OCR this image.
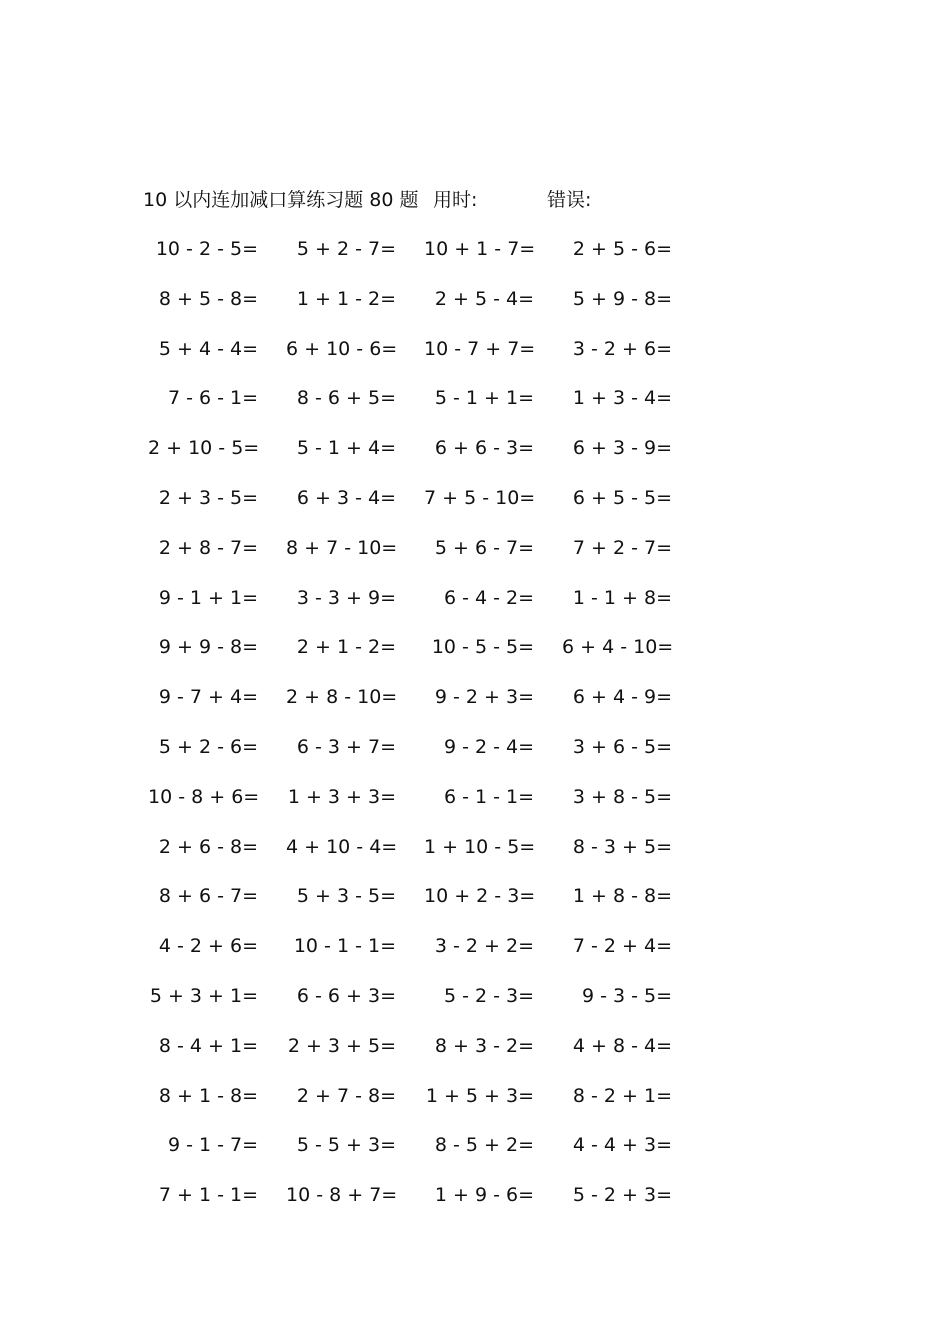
10 以内连加减口算练习题 80 题 用时:	错误:
10 - 2 - 5=	5 + 2 - 7= 10 + 1 - 7=	2 + 5 - 6=
8 + 5 - 8=	1 + 1 - 2=	2 + 5 - 4=	5 + 9 - 8=
5 + 4 - 4= 6 + 10 - 6= 10 - 7 + 7=	3 - 2 + 6=
7 - 6 - 1=	8 - 6 + 5=	5 - 1 + 1=	1 + 3 - 4=
2 + 10 - 5=	5 - 1 + 4=	6 + 6 - 3=	6 + 3 - 9=
2 + 3 - 5=	6 + 3 - 4= 7 + 5 - 10=	6 + 5 - 5=
2 + 8 - 7= 8 + 7 - 10=	5 + 6 - 7=	7 + 2 - 7=
9 - 1 + 1=	3 - 3 + 9=	6 - 4 - 2=	1 - 1 + 8=
9 + 9 - 8=	2 + 1 - 2=	10 - 5 - 5= 6 + 4 - 10=
9 - 7 + 4= 2 + 8 - 10=	9 - 2 + 3=	6 + 4 - 9=
5 + 2 - 6=	6 - 3 + 7=	9 - 2 - 4=	3 + 6 - 5=
10 - 8 + 6= 1 + 3 + 3=	6 - 1 - 1=	3 + 8 - 5=
2 + 6 - 8= 4 + 10 - 4= 1 + 10 - 5=	8 - 3 + 5=
8 + 6 - 7=	5 + 3 - 5= 10 + 2 - 3=	1 + 8 - 8=
4 - 2 + 6=	10 - 1 - 1=	3 - 2 + 2=	7 - 2 + 4=
5 + 3 + 1=	6 - 6 + 3=	5 - 2 - 3=	9 - 3 - 5=
8 - 4 + 1= 2 + 3 + 5=	8 + 3 - 2=	4 + 8 - 4=
8 + 1 - 8=	2 + 7 - 8= 1 + 5 + 3=	8 - 2 + 1=
9 - 1 - 7=	5 - 5 + 3=	8 - 5 + 2=	4 - 4 + 3=
7 + 1 - 1= 10 - 8 + 7=	1 + 9 - 6=	5 - 2 + 3=
